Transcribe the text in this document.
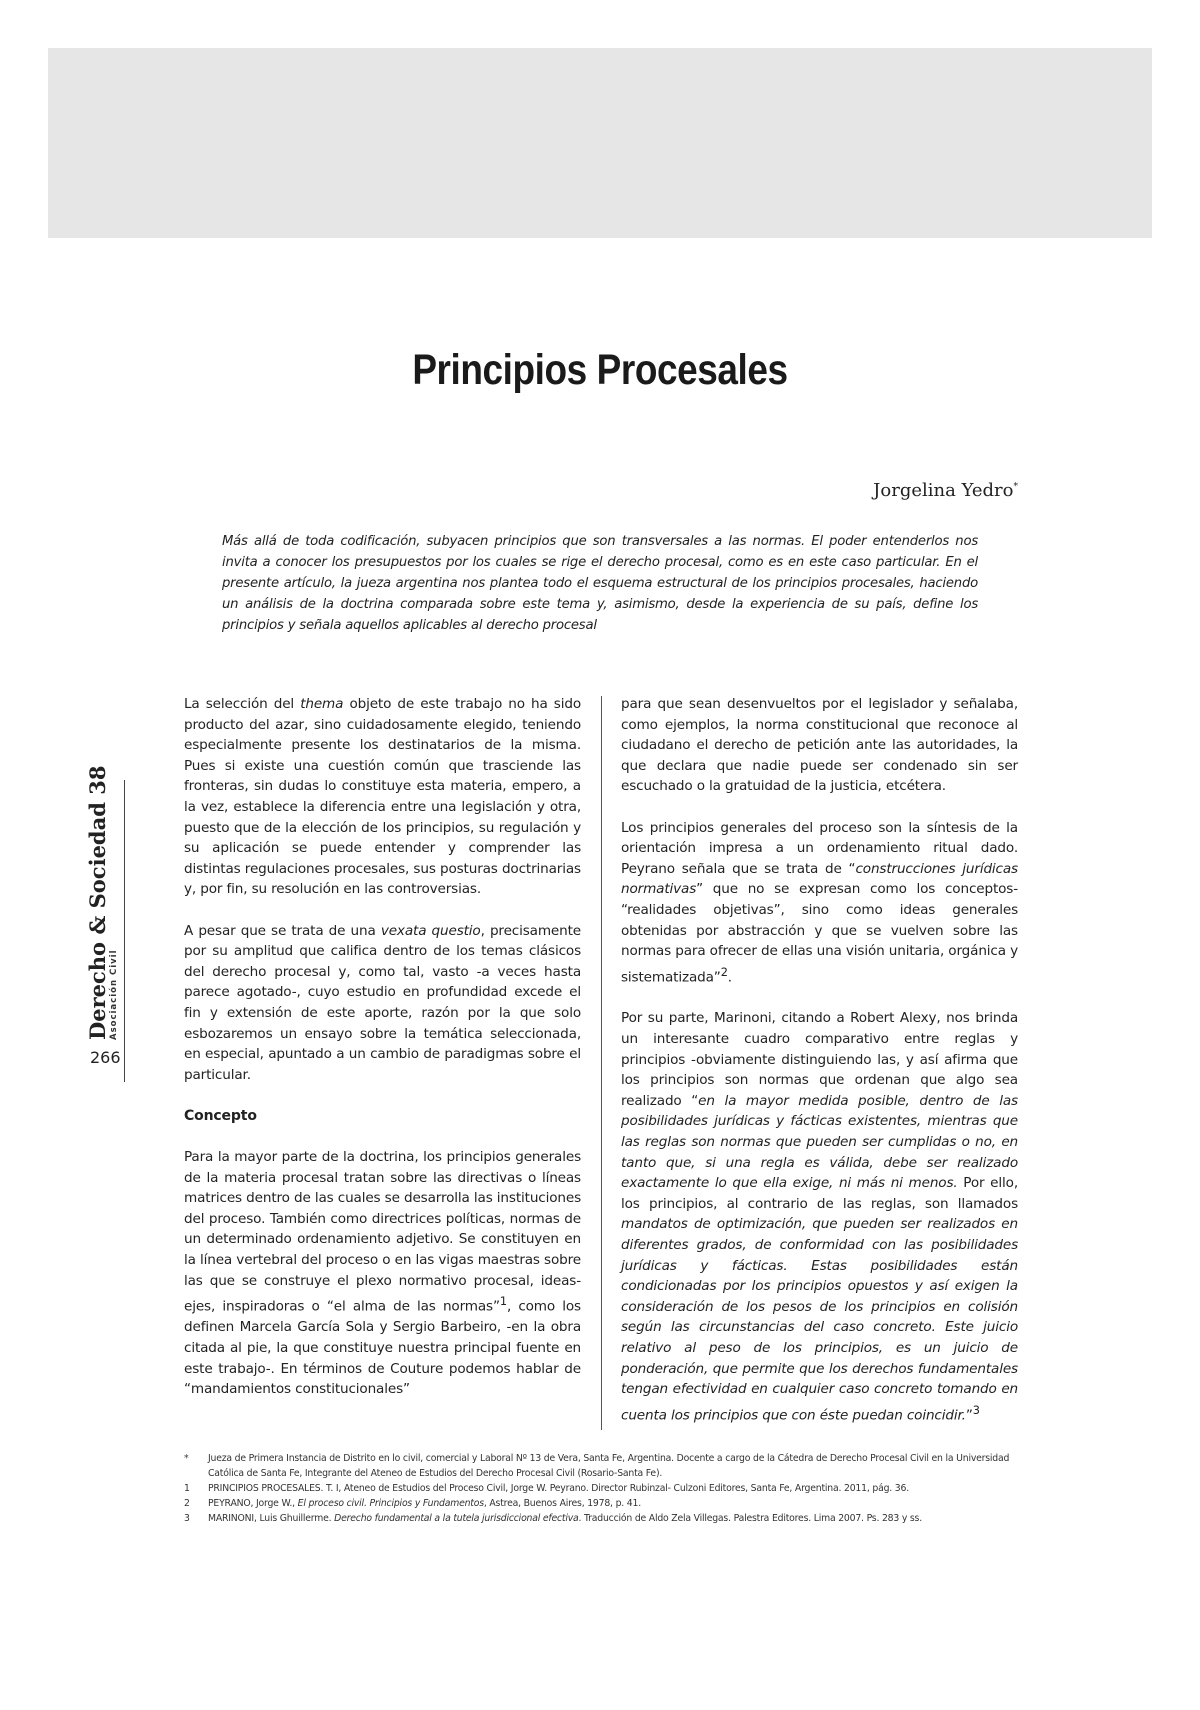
Principios Procesales
Jorgelina Yedro*

Más allá de toda codificación, subyacen principios que son transversales a las normas. El poder entenderlos nos invita a conocer los presupuestos por los cuales se rige el derecho procesal, como es en este caso particular. En el presente artículo, la jueza argentina nos plantea todo el esquema estructural de los principios procesales, haciendo un análisis de la doctrina comparada sobre este tema y, asimismo, desde la experiencia de su país, define los principios y señala aquellos aplicables al derecho procesal

Derecho & Sociedad 38 Asociación Civil
266

La selección del thema objeto de este trabajo no ha sido producto del azar, sino cuidadosamente elegido, teniendo especialmente presente los destinatarios de la misma. Pues si existe una cuestión común que trasciende las fronteras, sin dudas lo constituye esta materia, empero, a la vez, establece la diferencia entre una legislación y otra, puesto que de la elección de los principios, su regulación y su aplicación se puede entender y comprender las distintas regulaciones procesales, sus posturas doctrinarias y, por fin, su resolución en las controversias.

A pesar que se trata de una vexata questio, precisamente por su amplitud que califica dentro de los temas clásicos del derecho procesal y, como tal, vasto -a veces hasta parece agotado-, cuyo estudio en profundidad excede el fin y extensión de este aporte, razón por la que solo esbozaremos un ensayo sobre la temática seleccionada, en especial, apuntado a un cambio de paradigmas sobre el particular.

Concepto

Para la mayor parte de la doctrina, los principios generales de la materia procesal tratan sobre las directivas o líneas matrices dentro de las cuales se desarrolla las instituciones del proceso. También como directrices políticas, normas de un determinado ordenamiento adjetivo. Se constituyen en la línea vertebral del proceso o en las vigas maestras sobre las que se construye el plexo normativo procesal, ideas-ejes, inspiradoras o “el alma de las normas”$^1$, como los definen Marcela García Sola y Sergio Barbeiro, -en la obra citada al pie, la que constituye nuestra principal fuente en este trabajo-. En términos de Couture podemos hablar de “mandamientos constitucionales”

para que sean desenvueltos por el legislador y señalaba, como ejemplos, la norma constitucional que reconoce al ciudadano el derecho de petición ante las autoridades, la que declara que nadie puede ser condenado sin ser escuchado o la gratuidad de la justicia, etcétera.

Los principios generales del proceso son la síntesis de la orientación impresa a un ordenamiento ritual dado. Peyrano señala que se trata de “construcciones jurídicas normativas” que no se expresan como los conceptos- “realidades objetivas”, sino como ideas generales obtenidas por abstracción y que se vuelven sobre las normas para ofrecer de ellas una visión unitaria, orgánica y sistematizada”$^2$.

Por su parte, Marinoni, citando a Robert Alexy, nos brinda un interesante cuadro comparativo entre reglas y principios -obviamente distinguiendo las, y así afirma que los principios son normas que ordenan que algo sea realizado “en la mayor medida posible, dentro de las posibilidades jurídicas y fácticas existentes, mientras que las reglas son normas que pueden ser cumplidas o no, en tanto que, si una regla es válida, debe ser realizado exactamente lo que ella exige, ni más ni menos. Por ello, los principios, al contrario de las reglas, son llamados mandatos de optimización, que pueden ser realizados en diferentes grados, de conformidad con las posibilidades jurídicas y fácticas. Estas posibilidades están condicionadas por los principios opuestos y así exigen la consideración de los pesos de los principios en colisión según las circunstancias del caso concreto. Este juicio relativo al peso de los principios, es un juicio de ponderación, que permite que los derechos fundamentales tengan efectividad en cualquier caso concreto tomando en cuenta los principios que con éste puedan coincidir.”$^3$

*	Jueza de Primera Instancia de Distrito en lo civil, comercial y Laboral Nº 13 de Vera, Santa Fe, Argentina. Docente a cargo de la Cátedra de Derecho Procesal Civil en la Universidad Católica de Santa Fe, Integrante del Ateneo de Estudios del Derecho Procesal Civil (Rosario-Santa Fe).
1	PRINCIPIOS PROCESALES. T. I, Ateneo de Estudios del Proceso Civil, Jorge W. Peyrano. Director Rubinzal- Culzoni Editores, Santa Fe, Argentina. 2011, pág. 36.
2	PEYRANO, Jorge W., El proceso civil. Principios y Fundamentos, Astrea, Buenos Aires, 1978, p. 41.
3	MARINONI, Luis Ghuillerme. Derecho fundamental a la tutela jurisdiccional efectiva. Traducción de Aldo Zela Villegas. Palestra Editores. Lima 2007. Ps. 283 y ss.
